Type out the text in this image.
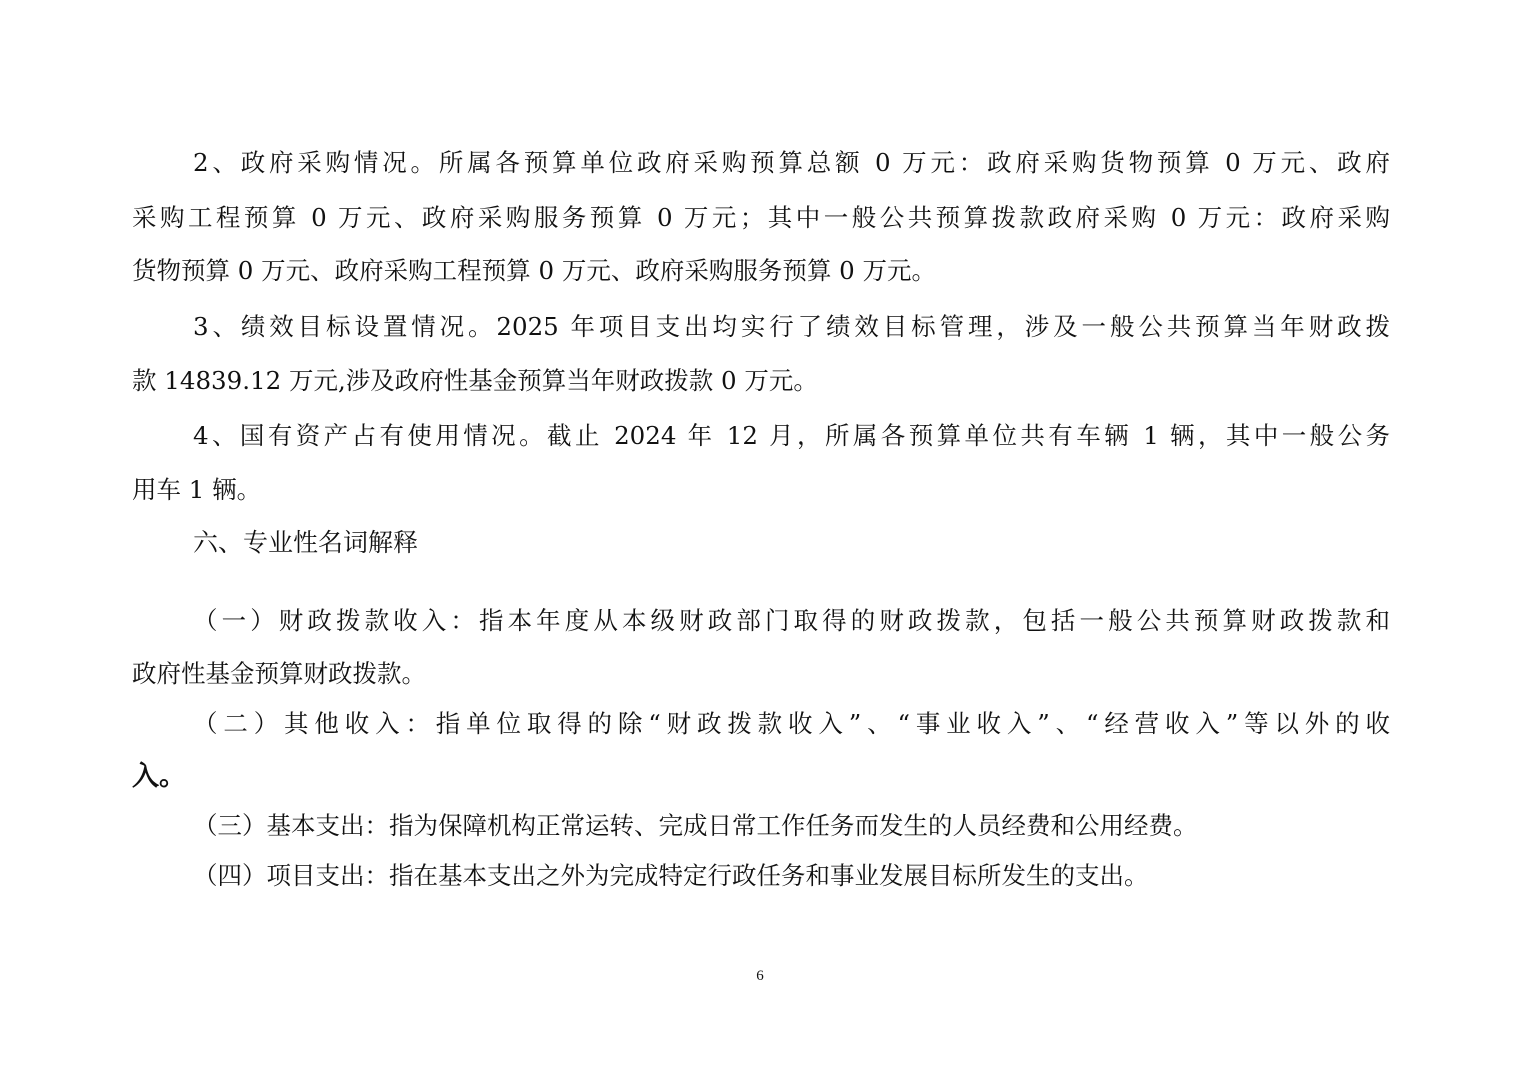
2、政府采购情况。所属各预算单位政府采购预算总额 0 万元：政府采购货物预算 0 万元、政府
采购工程预算 0 万元、政府采购服务预算 0 万元；其中一般公共预算拨款政府采购 0 万元：政府采购
货物预算 0 万元、政府采购工程预算 0 万元、政府采购服务预算 0 万元。
3、绩效目标设置情况。2025 年项目支出均实行了绩效目标管理，涉及一般公共预算当年财政拨
款 14839.12 万元,涉及政府性基金预算当年财政拨款 0 万元。
4、国有资产占有使用情况。截止 2024 年 12 月，所属各预算单位共有车辆 1 辆，其中一般公务
用车 1 辆。
六、专业性名词解释
（一）财政拨款收入：指本年度从本级财政部门取得的财政拨款，包括一般公共预算财政拨款和
政府性基金预算财政拨款。
（二）其他收入：指单位取得的除“财政拨款收入”、“事业收入”、“经营收入”等以外的收
入。
（三）基本支出：指为保障机构正常运转、完成日常工作任务而发生的人员经费和公用经费。
（四）项目支出：指在基本支出之外为完成特定行政任务和事业发展目标所发生的支出。
6
